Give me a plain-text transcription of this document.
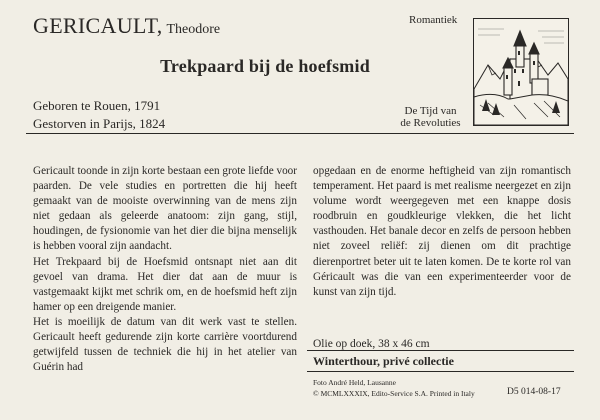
GERICAULT, Theodore
Trekpaard bij de hoefsmid
Geboren te Rouen, 1791
Gestorven in Parijs, 1824
Romantiek
De Tijd van
de Revoluties

Gericault toonde in zijn korte bestaan een grote liefde voor paarden. De vele studies en portretten die hij heeft gemaakt van de mooiste overwinning van de mens zijn niet gedaan als geleerde anatoom: zijn gang, stijl, houdingen, de fysionomie van het dier die bijna menselijk is hebben vooral zijn aandacht.

Het Trekpaard bij de Hoefsmid ontsnapt niet aan dit gevoel van drama. Het dier dat aan de muur is vastgemaakt kijkt met schrik om, en de hoefsmid heft zijn hamer op een dreigende manier.

Het is moeilijk de datum van dit werk vast te stellen. Gericault heeft gedurende zijn korte carrière voortdurend getwijfeld tussen de techniek die hij in het atelier van Guérin had

opgedaan en de enorme heftigheid van zijn romantisch temperament. Het paard is met realisme neergezet en zijn volume wordt weergegeven met een knappe dosis roodbruin en goudkleurige vlekken, die het licht vasthouden. Het banale decor en zelfs de persoon hebben niet zoveel reliëf: zij dienen om dit prachtige dierenportret beter uit te laten komen. De te korte rol van Géricault was die van een experimenteerder voor de kunst van zijn tijd.

Olie op doek, 38 x 46 cm
Winterthour, privé collectie
Foto André Held, Lausanne
© MCMLXXXIX, Edito-Service S.A. Printed in Italy	D5 014-08-17
